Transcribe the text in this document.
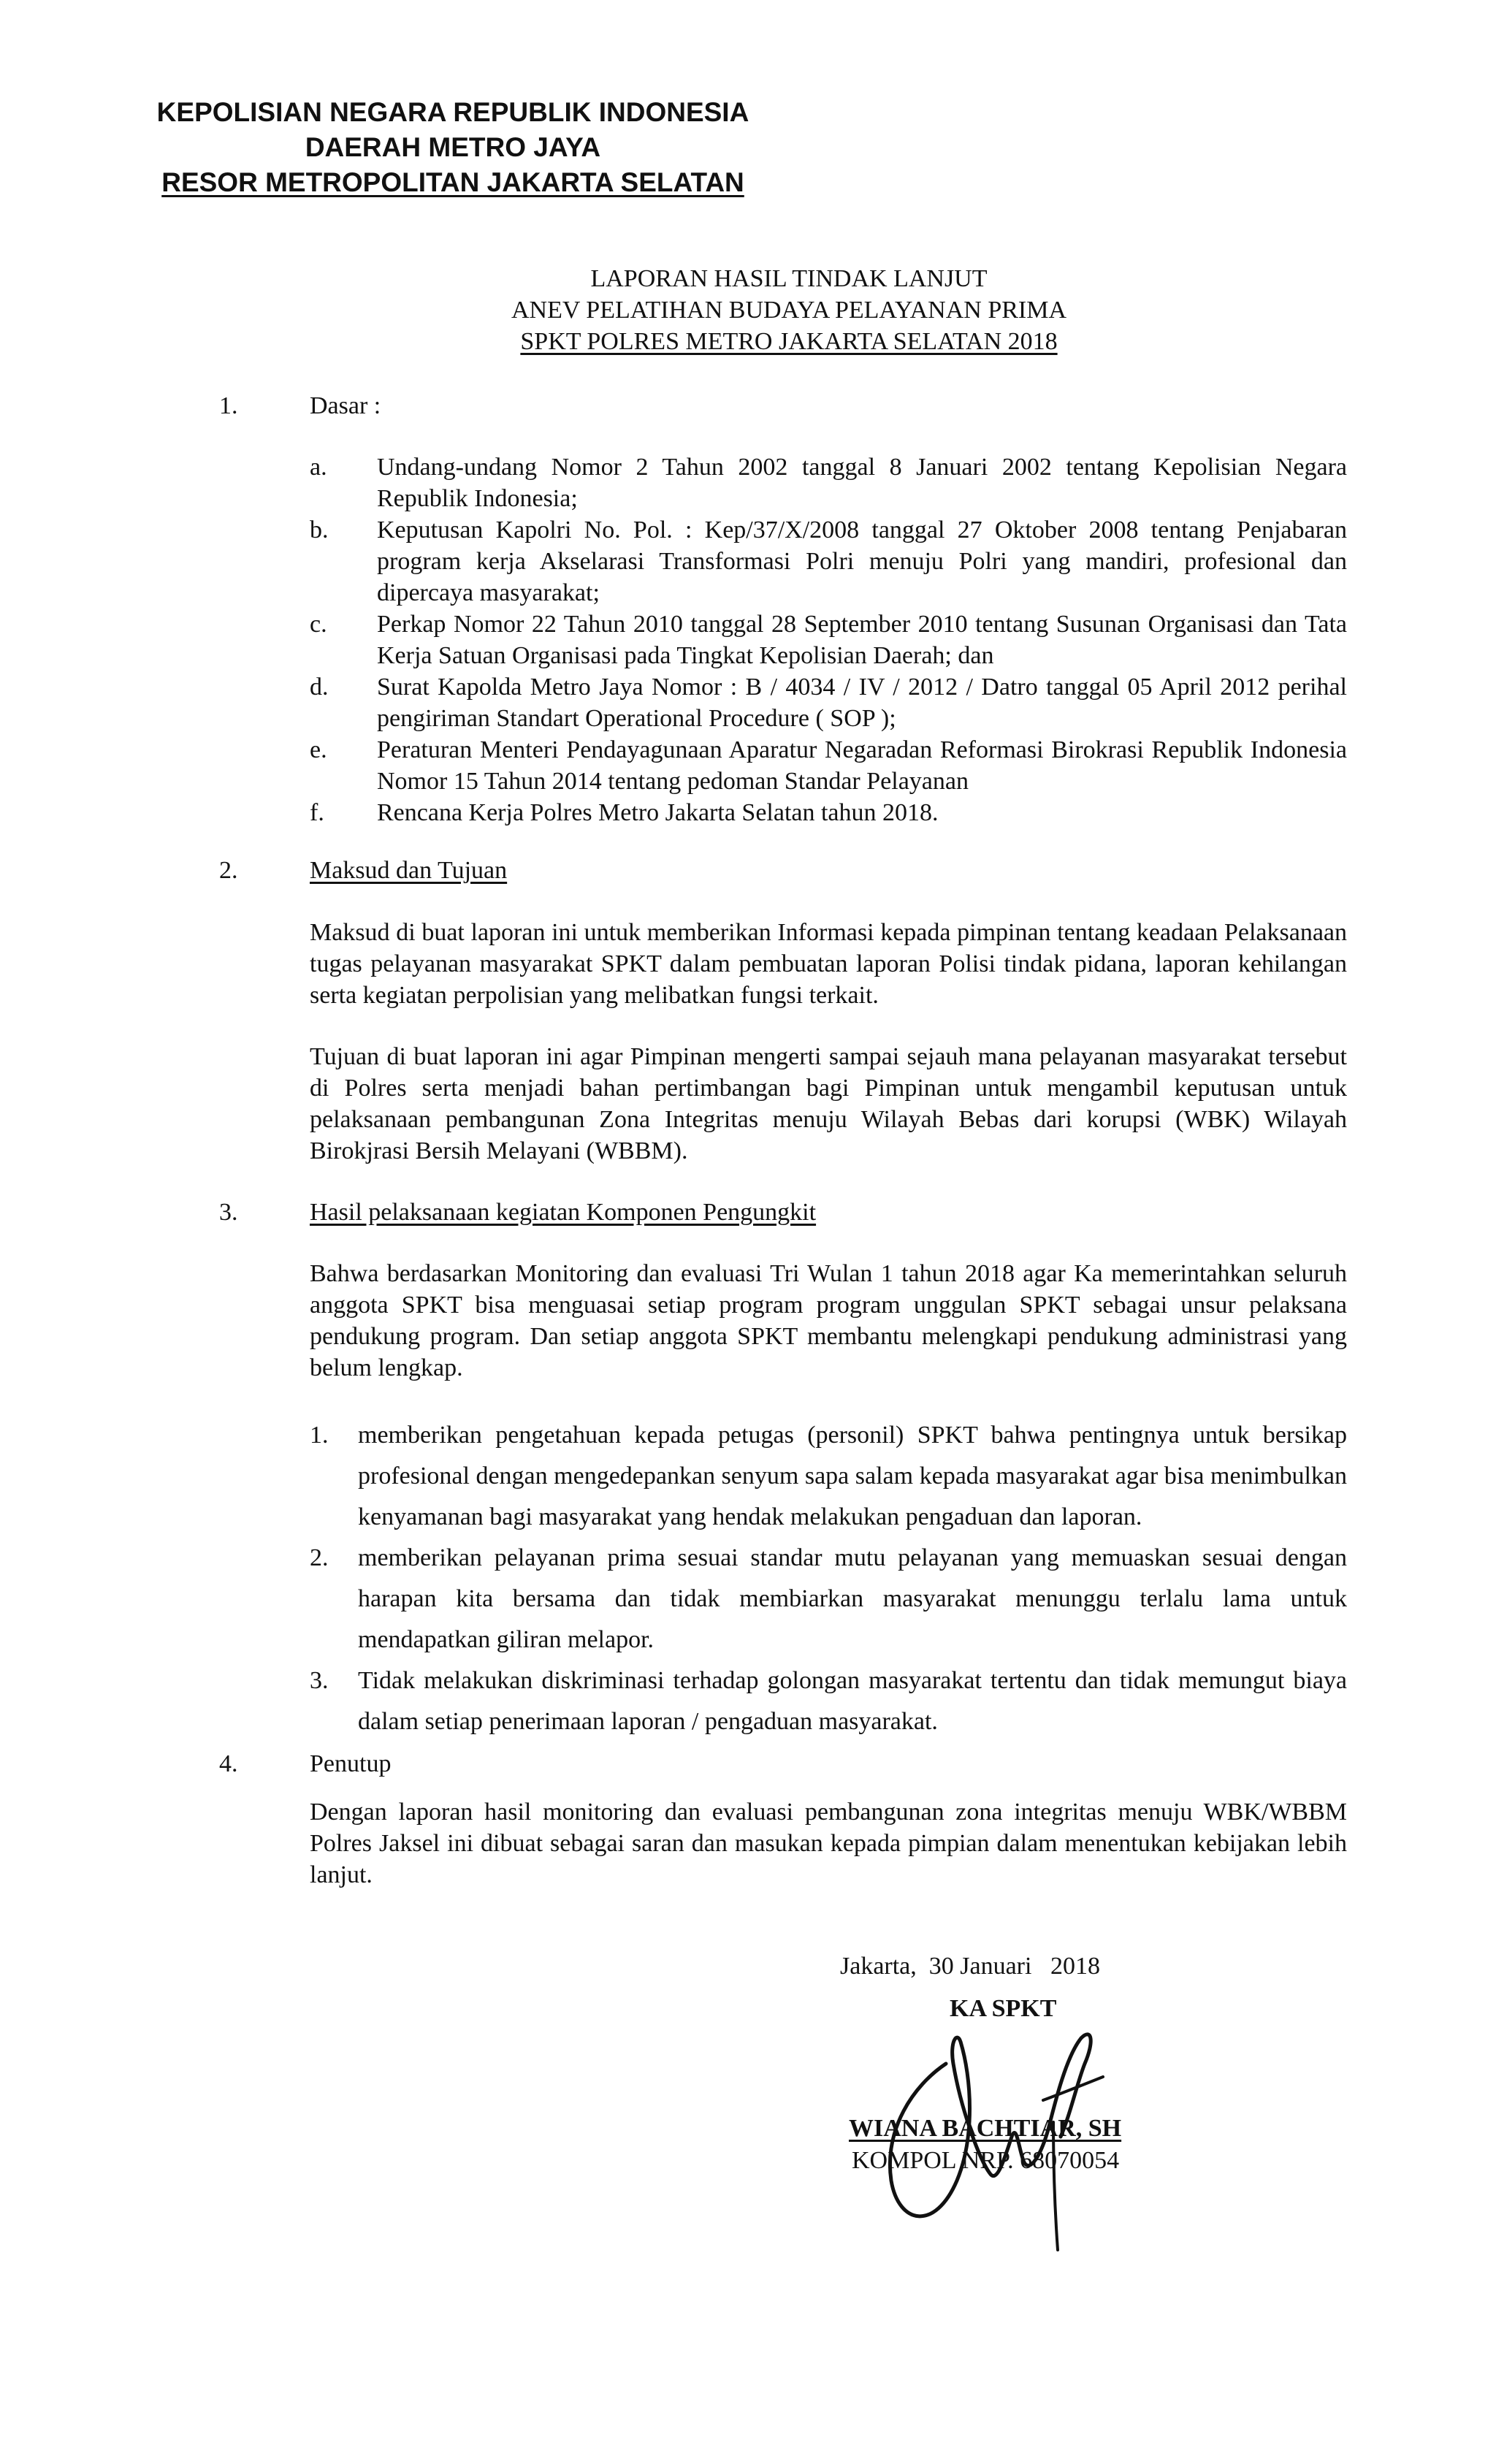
KEPOLISIAN NEGARA REPUBLIK INDONESIA
DAERAH METRO JAYA
RESOR METROPOLITAN JAKARTA SELATAN
LAPORAN HASIL TINDAK LANJUT
ANEV PELATIHAN BUDAYA PELAYANAN PRIMA
SPKT POLRES METRO JAKARTA SELATAN 2018
1.	Dasar :
a. Undang-undang Nomor 2 Tahun 2002 tanggal 8 Januari 2002 tentang Kepolisian Negara Republik Indonesia;
b. Keputusan Kapolri No. Pol. : Kep/37/X/2008 tanggal 27 Oktober 2008 tentang Penjabaran program kerja Akselarasi Transformasi Polri menuju Polri yang mandiri, profesional dan dipercaya masyarakat;
c. Perkap Nomor 22 Tahun 2010 tanggal 28 September 2010 tentang Susunan Organisasi dan Tata Kerja Satuan Organisasi pada Tingkat Kepolisian Daerah; dan
d. Surat Kapolda Metro Jaya Nomor : B / 4034 / IV / 2012 / Datro tanggal 05 April 2012 perihal pengiriman Standart Operational Procedure ( SOP );
e. Peraturan Menteri Pendayagunaan Aparatur Negaradan Reformasi Birokrasi Republik Indonesia Nomor 15 Tahun 2014 tentang pedoman Standar Pelayanan
f. Rencana Kerja Polres Metro Jakarta Selatan tahun 2018.
2.	Maksud dan Tujuan
Maksud di buat laporan ini untuk memberikan Informasi kepada pimpinan tentang keadaan Pelaksanaan tugas pelayanan masyarakat SPKT dalam pembuatan laporan Polisi tindak pidana, laporan kehilangan serta kegiatan perpolisian yang melibatkan fungsi terkait.
Tujuan di buat laporan ini agar Pimpinan mengerti sampai sejauh mana pelayanan masyarakat tersebut di Polres serta menjadi bahan pertimbangan bagi Pimpinan untuk mengambil keputusan untuk pelaksanaan pembangunan Zona Integritas menuju Wilayah Bebas dari korupsi (WBK) Wilayah Birokjrasi Bersih Melayani (WBBM).
3.	Hasil pelaksanaan kegiatan Komponen Pengungkit
Bahwa berdasarkan Monitoring dan evaluasi Tri Wulan 1 tahun 2018 agar Ka memerintahkan seluruh anggota SPKT bisa menguasai setiap program program unggulan SPKT sebagai unsur pelaksana pendukung program. Dan setiap anggota SPKT membantu melengkapi pendukung administrasi yang belum lengkap.
1. memberikan pengetahuan kepada petugas (personil) SPKT bahwa pentingnya untuk bersikap profesional dengan mengedepankan senyum sapa salam kepada masyarakat agar bisa menimbulkan kenyamanan bagi masyarakat yang hendak melakukan pengaduan dan laporan.
2. memberikan pelayanan prima sesuai standar mutu pelayanan yang memuaskan sesuai dengan harapan kita bersama dan tidak membiarkan masyarakat menunggu terlalu lama untuk mendapatkan giliran melapor.
3. Tidak melakukan diskriminasi terhadap golongan masyarakat tertentu dan tidak memungut biaya dalam setiap penerimaan laporan / pengaduan masyarakat.
4.	Penutup
Dengan laporan hasil monitoring dan evaluasi pembangunan zona integritas menuju WBK/WBBM Polres Jaksel ini dibuat sebagai saran dan masukan kepada pimpian dalam menentukan kebijakan lebih lanjut.
Jakarta,  30 Januari   2018
KA SPKT
WIANA BACHTIAR, SH
KOMPOL NRP. 68070054
